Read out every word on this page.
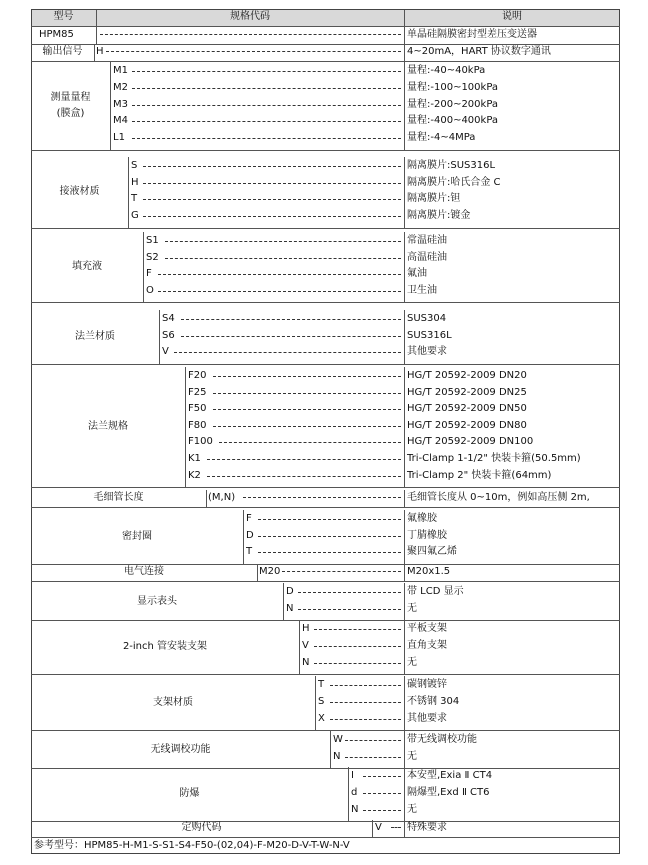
型号	规格代码	说明
HPM85	单晶硅隔膜密封型差压变送器
输出信号	H	4~20mA，HART 协议数字通讯
测量量程
(膜盒)
M1	量程:-40~40kPa
M2	量程:-100~100kPa
M3	量程:-200~200kPa
M4	量程:-400~400kPa
L1	量程:-4~4MPa
接液材质
S	隔离膜片:SUS316L
H	隔离膜片:哈氏合金 C
T	隔离膜片:钽
G	隔离膜片:镀金
填充液
S1	常温硅油
S2	高温硅油
F	氟油
O	卫生油
法兰材质
S4	SUS304
S6	SUS316L
V	其他要求
法兰规格
F20	HG/T 20592-2009 DN20
F25	HG/T 20592-2009 DN25
F50	HG/T 20592-2009 DN50
F80	HG/T 20592-2009 DN80
F100	HG/T 20592-2009 DN100
K1	Tri-Clamp 1-1/2" 快装卡箍(50.5mm)
K2	Tri-Clamp 2" 快装卡箍(64mm)
毛细管长度	(M,N)	毛细管长度从 0~10m，例如高压侧 2m,
密封圈
F	氟橡胶
D	丁腈橡胶
T	聚四氟乙烯
电气连接	M20	M20x1.5
显示表头
D	带 LCD 显示
N	无
2-inch 管安装支架
H	平板支架
V	直角支架
N	无
支架材质
T	碳钢镀锌
S	不锈钢 304
X	其他要求
无线调校功能
W	带无线调校功能
N	无
防爆
I	本安型,Exia Ⅱ CT4
d	隔爆型,Exd Ⅱ CT6
N	无
定购代码	V	特殊要求
参考型号：HPM85-H-M1-S-S1-S4-F50-(02,04)-F-M20-D-V-T-W-N-V
